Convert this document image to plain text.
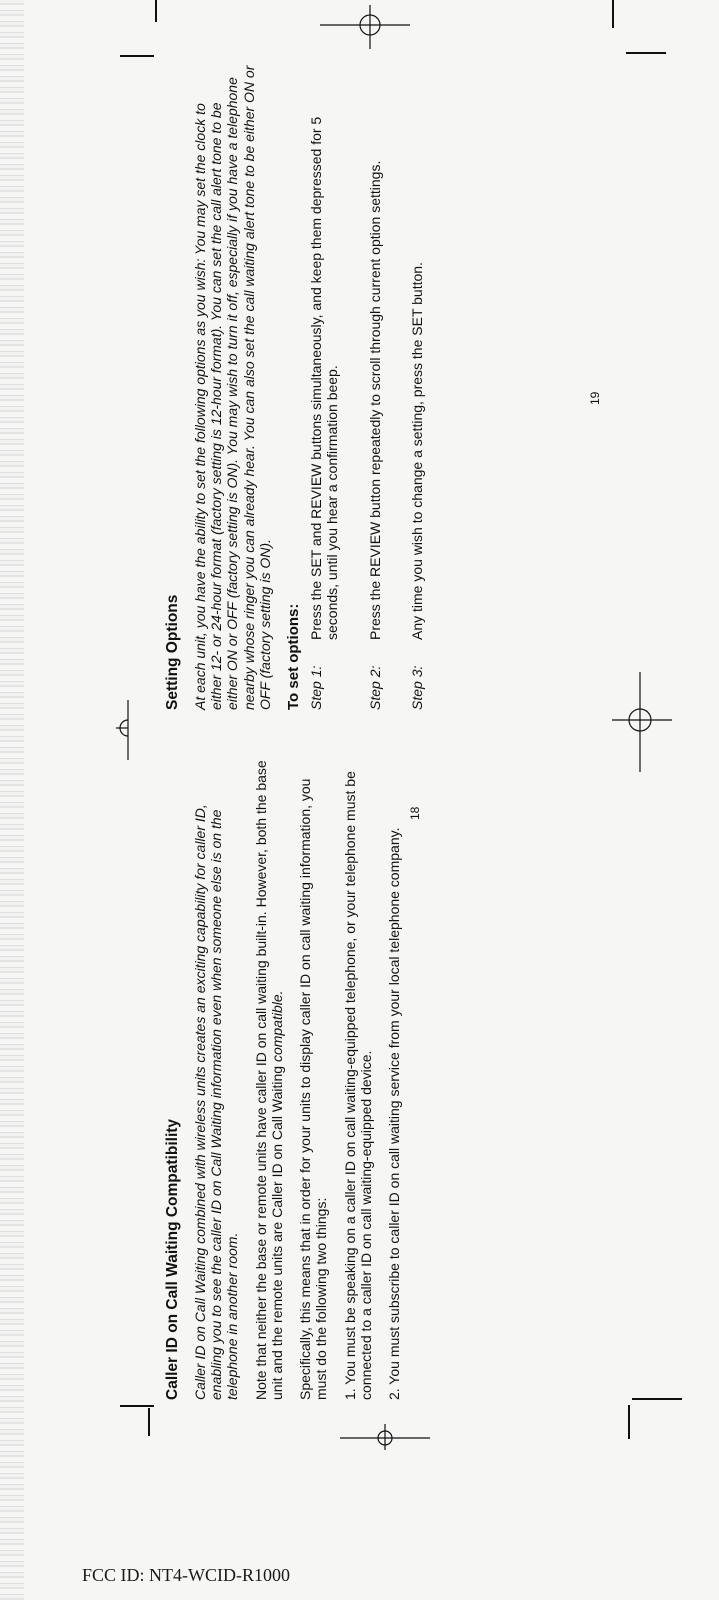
Caller ID on Call Waiting Compatibility Caller ID on Call Waiting combined with wireless units creates an exciting capability for caller ID, enabling you to see the caller ID on Call Waiting information even when someone else is on the telephone in another room. Note that neither the base or remote units have caller ID on call waiting built-in. However, both the base unit and the remote units are Caller ID on Call Waiting compatible. Specifically, this means that in order for your units to display caller ID on call waiting information, you must do the following two things: 1. You must be speaking on a caller ID on call waiting-equipped telephone, or your telephone must be connected to a caller ID on call waiting-equipped device. 2. You must subscribe to caller ID on call waiting service from your local telephone company.

18
Setting Options At each unit, you have the ability to set the following options as you wish: You may set the clock to either 12- or 24-hour format (factory setting is 12-hour format). You can set the call alert tone to be either ON or OFF (factory setting is ON). You may wish to turn it off, especially if you have a telephone nearby whose ringer you can already hear. You can also set the call waiting alert tone to be either ON or OFF (factory setting is ON). To set options: Step 1:
Press the SET and REVIEW buttons simultaneously, and keep them depressed for 5 seconds, until you hear a confirmation beep.
Step 2:
Press the REVIEW button repeatedly to scroll through current option settings.
Step 3:
Any time you wish to change a setting, press the SET button.	19
FCC ID: NT4-WCID-R1000
